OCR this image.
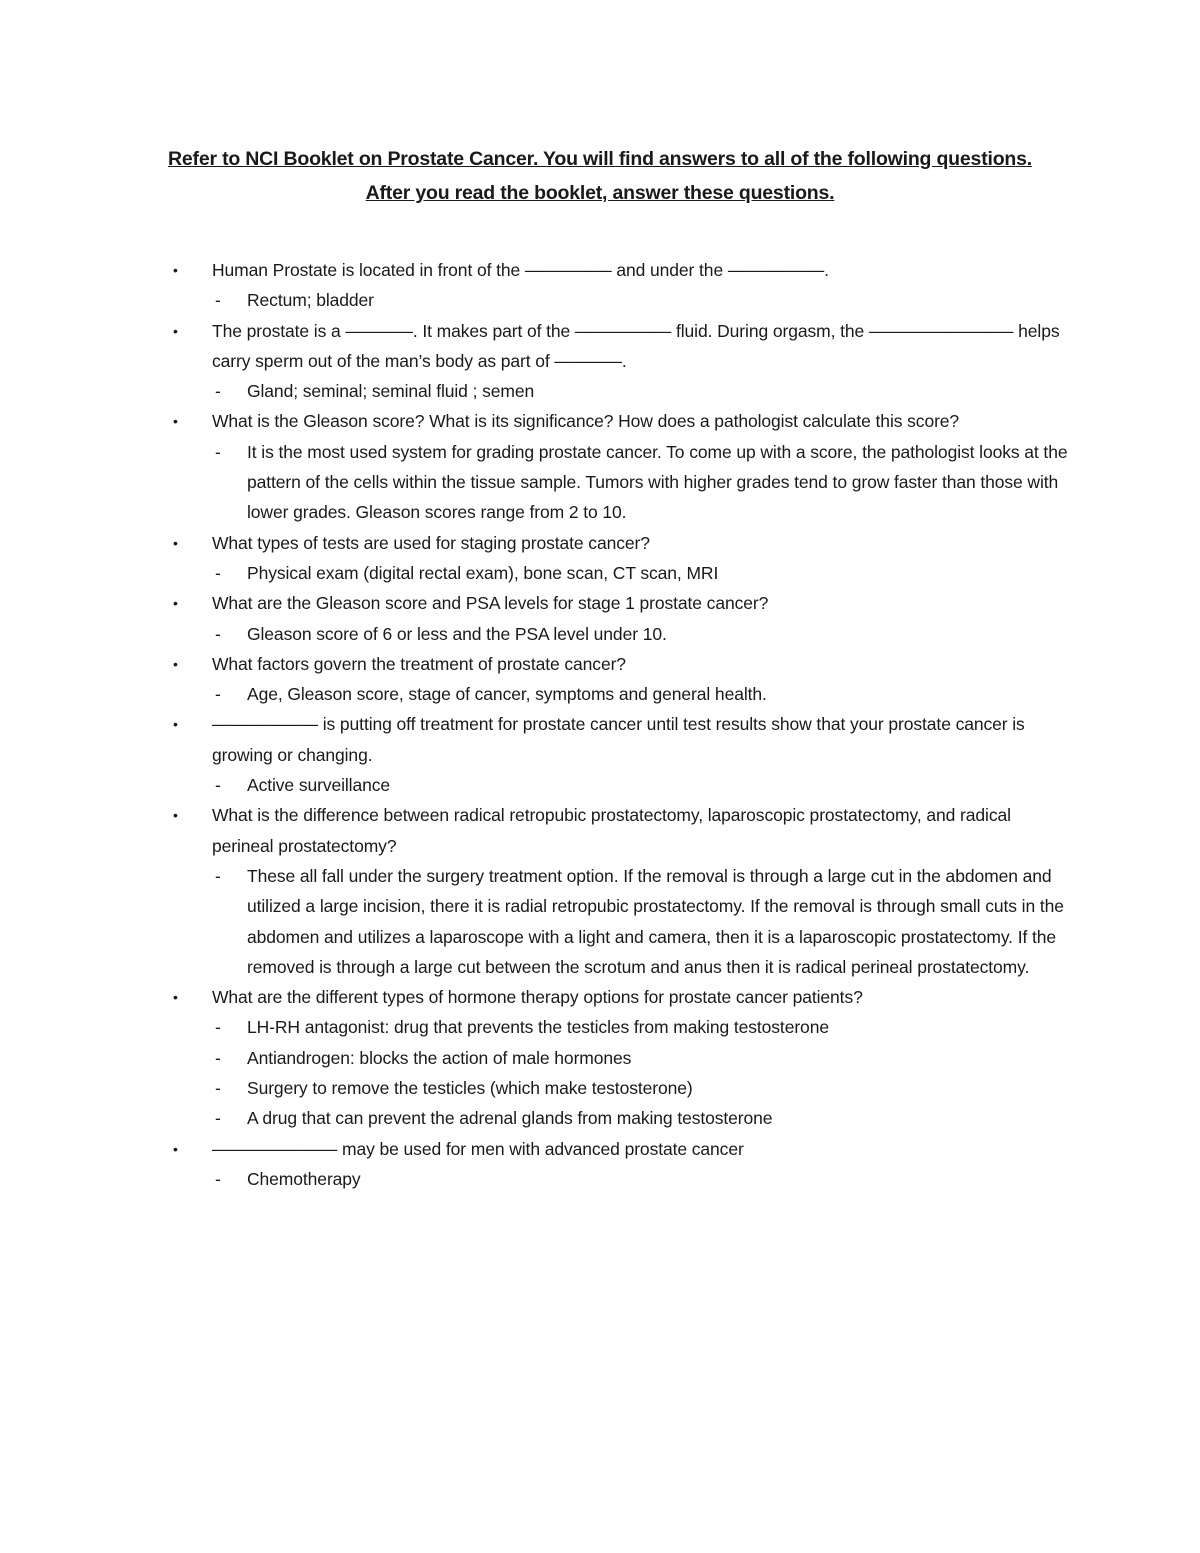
Refer to NCI Booklet on Prostate Cancer. You will find answers to all of the following questions. After you read the booklet, answer these questions.
• Human Prostate is located in front of the ––––––––– and under the ––––––––––.
- Rectum; bladder
• The prostate is a –––––––. It makes part of the –––––––––– fluid. During orgasm, the ––––––––––––––– helps carry sperm out of the man’s body as part of –––––––.
- Gland; seminal; seminal fluid ; semen
• What is the Gleason score? What is its significance? How does a pathologist calculate this score?
- It is the most used system for grading prostate cancer. To come up with a score, the pathologist looks at the pattern of the cells within the tissue sample. Tumors with higher grades tend to grow faster than those with lower grades. Gleason scores range from 2 to 10.
• What types of tests are used for staging prostate cancer?
- Physical exam (digital rectal exam), bone scan, CT scan, MRI
• What are the Gleason score and PSA levels for stage 1 prostate cancer?
- Gleason score of 6 or less and the PSA level under 10.
• What factors govern the treatment of prostate cancer?
- Age, Gleason score, stage of cancer, symptoms and general health.
• ––––––––––– is putting off treatment for prostate cancer until test results show that your prostate cancer is growing or changing.
- Active surveillance
• What is the difference between radical retropubic prostatectomy, laparoscopic prostatectomy, and radical perineal prostatectomy?
- These all fall under the surgery treatment option. If the removal is through a large cut in the abdomen and utilized a large incision, there it is radial retropubic prostatectomy. If the removal is through small cuts in the abdomen and utilizes a laparoscope with a light and camera, then it is a laparoscopic prostatectomy. If the removed is through a large cut between the scrotum and anus then it is radical perineal prostatectomy.
• What are the different types of hormone therapy options for prostate cancer patients?
- LH-RH antagonist: drug that prevents the testicles from making testosterone
- Antiandrogen: blocks the action of male hormones
- Surgery to remove the testicles (which make testosterone)
- A drug that can prevent the adrenal glands from making testosterone
• ––––––––––––– may be used for men with advanced prostate cancer
- Chemotherapy
